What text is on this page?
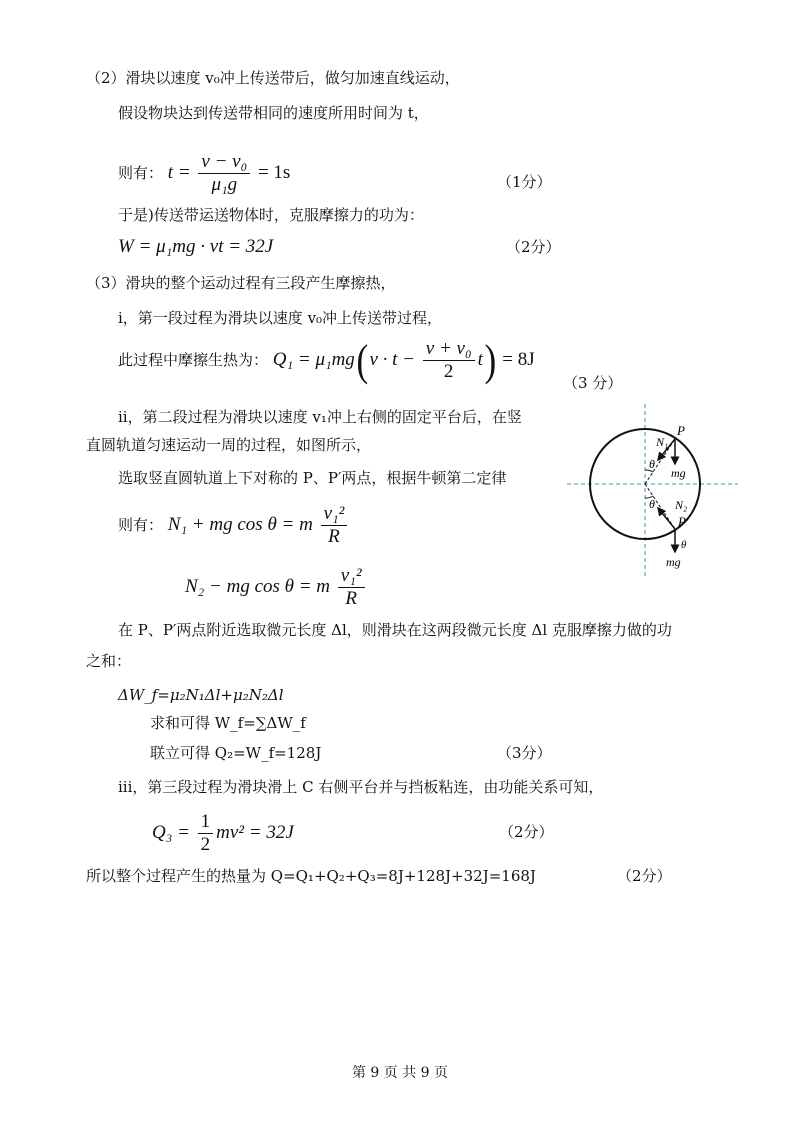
（2）滑块以速度 v₀冲上传送带后，做匀加速直线运动，
假设物块达到传送带相同的速度所用时间为 t，
则有： $t = \frac{\text{v − v₀}}{\text{μ₁g}} = 1s$	（1分）
于是)传送带运送物体时，克服摩擦力的功为：
W = μ₁mg · vt = 32J	（2分）
（3）滑块的整个运动过程有三段产生摩擦热，
i，第一段过程为滑块以速度 v₀冲上传送带过程，
此过程中摩擦生热为： $Q_1 = \mu_1mg(v \cdot t - \frac{\text{v + v₀}}{2} t) = 8J$
（3 分）
ii，第二段过程为滑块以速度 v₁冲上右侧的固定平台后，在竖
直圆轨道匀速运动一周的过程，如图所示，
选取竖直圆轨道上下对称的 P、P′两点，根据牛顿第二定律
则有： N₁ + mg cos θ = m $\frac{\text{v₁²}}{R}$
N₂ − mg cos θ = m $\frac{\text{v₁²}}{R}$
P
N₁
mg
θ
θ N₂
P′
θ
mg
在 P、P′两点附近选取微元长度 Δl，则滑块在这两段微元长度 Δl 克服摩擦力做的功
之和：
ΔW_f=μ₂N₁Δl+μ₂N₂Δl
求和可得 W_f=∑ΔW_f
联立可得 Q₂=W_f=128J	（3分）
iii，第三段过程为滑块滑上 C 右侧平台并与挡板粘连，由功能关系可知，
$Q_3 = \frac{1}{2} mv^2 = 32J$	（2分）
所以整个过程产生的热量为 Q=Q₁+Q₂+Q₃=8J+128J+32J=168J	（2分）
第 9 页 共 9 页
